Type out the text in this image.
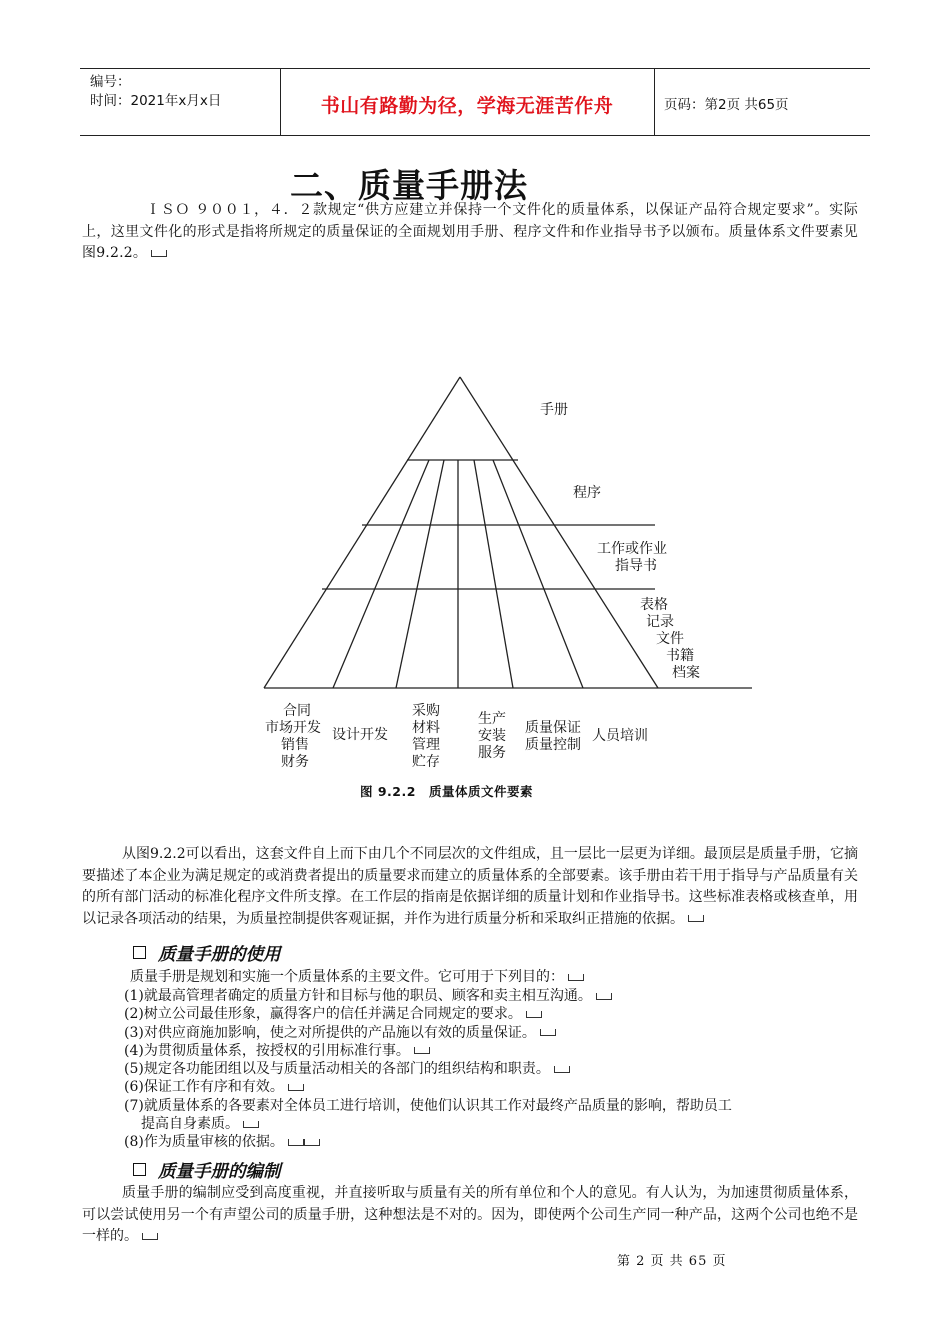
编号：
时间：2021年x月x日	书山有路勤为径，学海无涯苦作舟	页码：第2页 共65页
二、质量手册法
ＩＳＯ ９００１，４．２款规定“供方应建立并保持一个文件化的质量体系，以保证产品符合规定要求”。实际上，这里文件化的形式是指将所规定的质量保证的全面规划用手册、程序文件和作业指导书予以颁布。质量体系文件要素见图9.2.2。
手册
程序
工作或作业
指导书
表格
记录
文件
书籍
档案
合同
市场开发
销售
财务
设计开发
采购
材料
管理
贮存
生产
安装
服务
质量保证
质量控制
人员培训
图 9.2.2　质量体质文件要素
从图9.2.2可以看出，这套文件自上而下由几个不同层次的文件组成，且一层比一层更为详细。最顶层是质量手册，它摘要描述了本企业为满足规定的或消费者提出的质量要求而建立的质量体系的全部要素。该手册由若干用于指导与产品质量有关的所有部门活动的标准化程序文件所支撑。在工作层的指南是依据详细的质量计划和作业指导书。这些标准表格或核查单，用以记录各项活动的结果，为质量控制提供客观证据，并作为进行质量分析和采取纠正措施的依据。
质量手册的使用
质量手册是规划和实施一个质量体系的主要文件。它可用于下列目的：
(1)就最高管理者确定的质量方针和目标与他的职员、顾客和卖主相互沟通。
(2)树立公司最佳形象，赢得客户的信任并满足合同规定的要求。
(3)对供应商施加影响，使之对所提供的产品施以有效的质量保证。
(4)为贯彻质量体系，按授权的引用标准行事。
(5)规定各功能团组以及与质量活动相关的各部门的组织结构和职责。
(6)保证工作有序和有效。
(7)就质量体系的各要素对全体员工进行培训，使他们认识其工作对最终产品质量的影响，帮助员工
提高自身素质。
(8)作为质量审核的依据。
质量手册的编制
质量手册的编制应受到高度重视，并直接听取与质量有关的所有单位和个人的意见。有人认为，为加速贯彻质量体系，可以尝试使用另一个有声望公司的质量手册，这种想法是不对的。因为，即使两个公司生产同一种产品，这两个公司也绝不是一样的。
第 2 页 共 65 页
